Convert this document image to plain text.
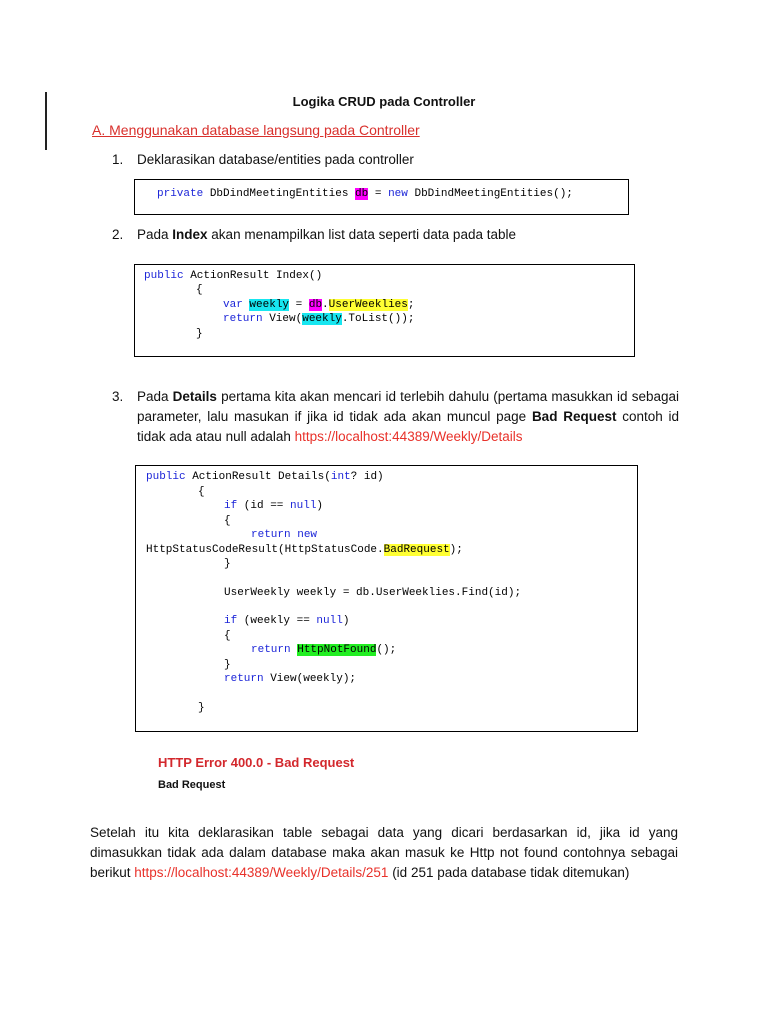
Logika CRUD pada Controller
A. Menggunakan database langsung pada Controller
1.	Deklarasikan database/entities pada controller
private DbDindMeetingEntities db = new DbDindMeetingEntities();
2.	Pada Index akan menampilkan list data seperti data pada table
public ActionResult Index()
{
var weekly = db.UserWeeklies;
return View(weekly.ToList());
}
3.	Pada Details pertama kita akan mencari id terlebih dahulu (pertama masukkan id sebagai parameter, lalu masukan if jika id tidak ada akan muncul page Bad Request contoh id tidak ada atau null adalah https://localhost:44389/Weekly/Details
public ActionResult Details(int? id)
{
if (id == null)
{
return new
HttpStatusCodeResult(HttpStatusCode.BadRequest);
}
UserWeekly weekly = db.UserWeeklies.Find(id);
if (weekly == null)
{
return HttpNotFound();
}
return View(weekly);
}
HTTP Error 400.0 - Bad Request
Bad Request
Setelah itu kita deklarasikan table sebagai data yang dicari berdasarkan id, jika id yang dimasukkan tidak ada dalam database maka akan masuk ke Http not found contohnya sebagai berikut https://localhost:44389/Weekly/Details/251 (id 251 pada database tidak ditemukan)
